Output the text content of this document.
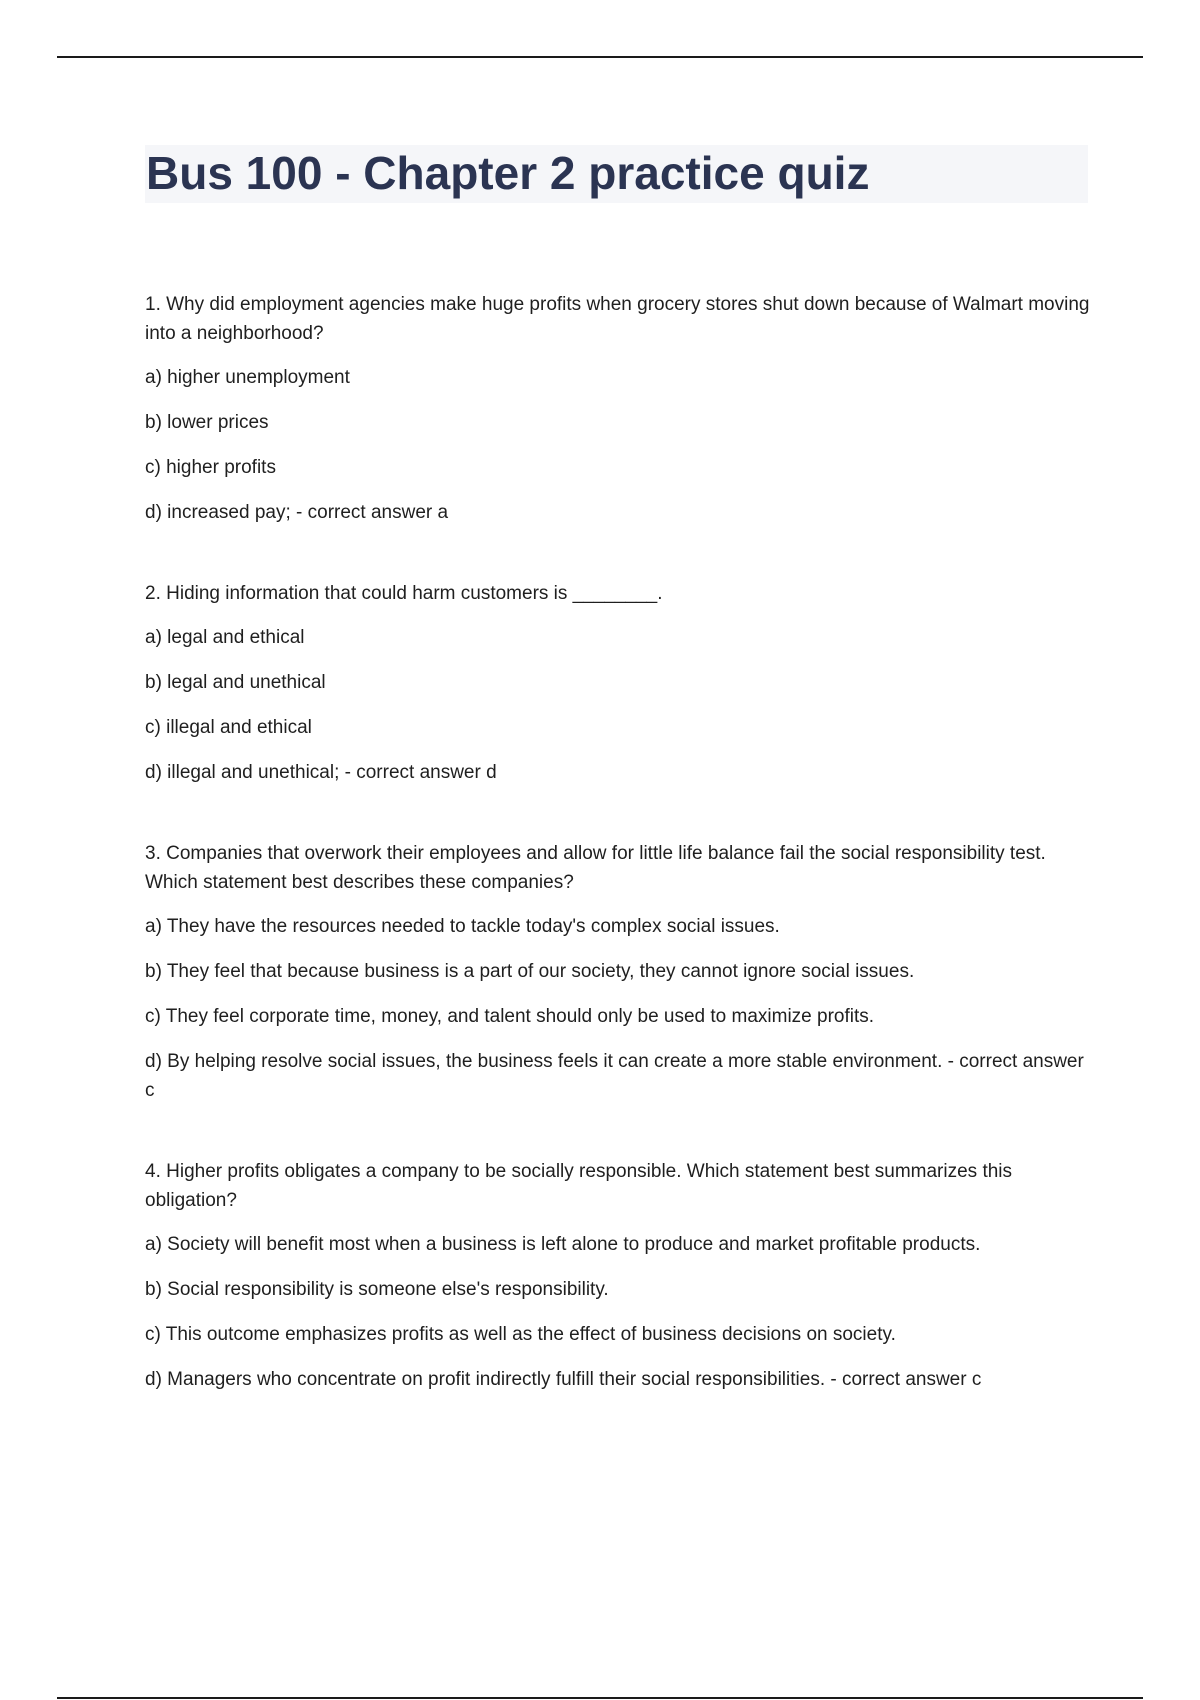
Bus 100 - Chapter 2 practice quiz

1. Why did employment agencies make huge profits when grocery stores shut down because of Walmart moving into a neighborhood?

a) higher unemployment

b) lower prices

c) higher profits

d) increased pay; - correct answer a

2. Hiding information that could harm customers is ________.

a) legal and ethical

b) legal and unethical

c) illegal and ethical

d) illegal and unethical; - correct answer d

3. Companies that overwork their employees and allow for little life balance fail the social responsibility test. Which statement best describes these companies?

a) They have the resources needed to tackle today's complex social issues.

b) They feel that because business is a part of our society, they cannot ignore social issues.

c) They feel corporate time, money, and talent should only be used to maximize profits.

d) By helping resolve social issues, the business feels it can create a more stable environment. - correct answer c

4. Higher profits obligates a company to be socially responsible. Which statement best summarizes this obligation?

a) Society will benefit most when a business is left alone to produce and market profitable products.

b) Social responsibility is someone else's responsibility.

c) This outcome emphasizes profits as well as the effect of business decisions on society.

d) Managers who concentrate on profit indirectly fulfill their social responsibilities. - correct answer c
